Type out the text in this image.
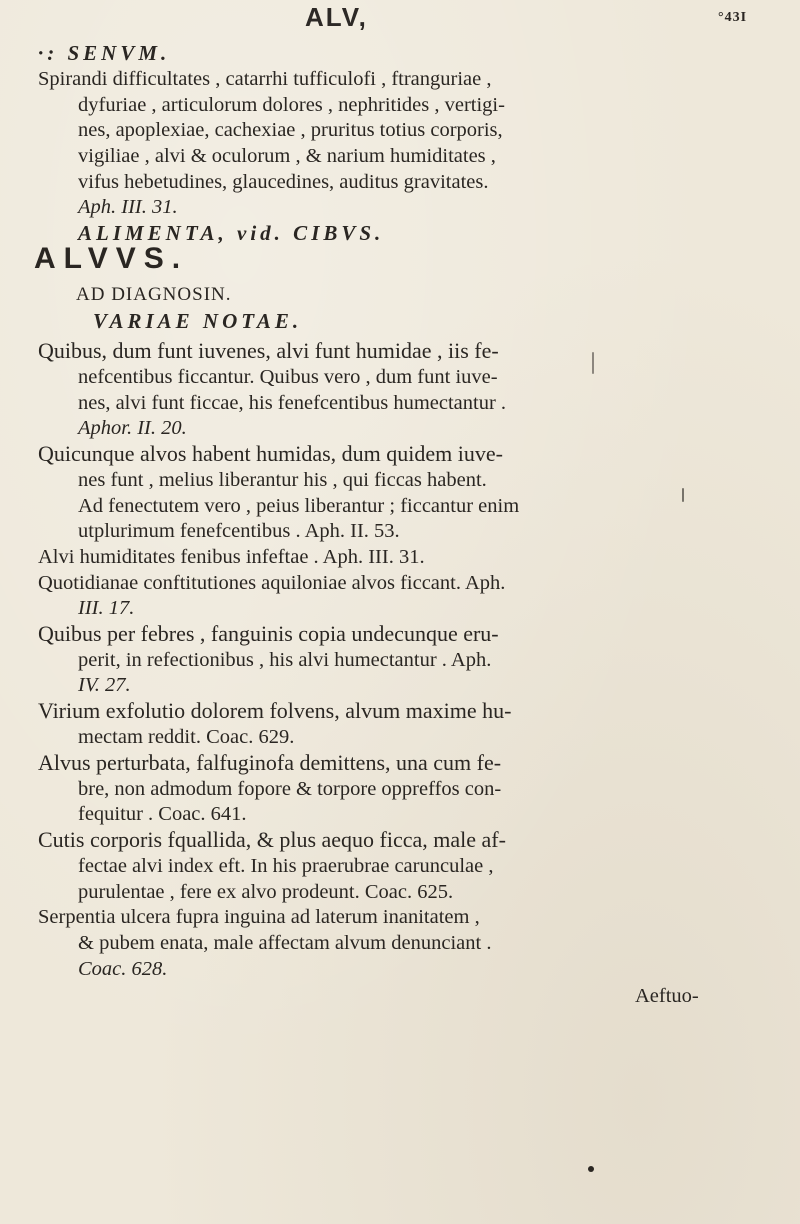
ALV,	°43I
·: SENVM.
Spirandi difficultates , catarrhi tufficulofi , ftranguriae ,
dyfuriae , articulorum dolores , nephritides , vertigi-
nes, apoplexiae, cachexiae , pruritus totius corporis,
vigiliae , alvi & oculorum , & narium humiditates ,
vifus hebetudines, glaucedines, auditus gravitates.
Aph. III. 31.
ALIMENTA, vid. CIBVS.
ALVVS.
AD DIAGNOSIN.
VARIAE NOTAE.
Quibus, dum funt iuvenes, alvi funt humidae , iis fe-
nefcentibus ficcantur. Quibus vero , dum funt iuve-
nes, alvi funt ficcae, his fenefcentibus humectantur .
Aphor. II. 20.
Quicunque alvos habent humidas, dum quidem iuve-
nes funt , melius liberantur his , qui ficcas habent.
Ad fenectutem vero , peius liberantur ; ficcantur enim
utplurimum fenefcentibus . Aph. II. 53.
Alvi humiditates fenibus infeftae . Aph. III. 31.
Quotidianae conftitutiones aquiloniae alvos ficcant. Aph.
III. 17.
Quibus per febres , fanguinis copia undecunque eru-
perit, in refectionibus , his alvi humectantur . Aph.
IV. 27.
Virium exfolutio dolorem folvens, alvum maxime hu-
mectam reddit. Coac. 629.
Alvus perturbata, falfuginofa demittens, una cum fe-
bre, non admodum fopore & torpore oppreffos con-
fequitur . Coac. 641.
Cutis corporis fquallida, & plus aequo ficca, male af-
fectae alvi index eft. In his praerubrae carunculae ,
purulentae , fere ex alvo prodeunt. Coac. 625.
Serpentia ulcera fupra inguina ad laterum inanitatem ,
& pubem enata, male affectam alvum denunciant .
Coac. 628.
Aeftuo-
